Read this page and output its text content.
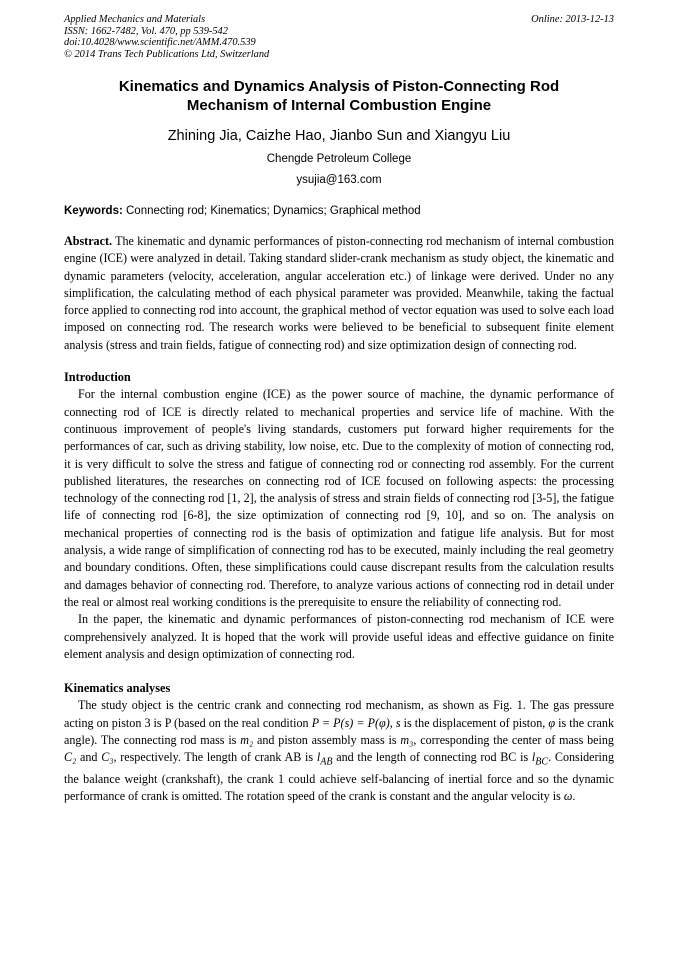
Applied Mechanics and Materials	Online: 2013-12-13
ISSN: 1662-7482, Vol. 470, pp 539-542
doi:10.4028/www.scientific.net/AMM.470.539
© 2014 Trans Tech Publications Ltd, Switzerland
Kinematics and Dynamics Analysis of Piston-Connecting Rod
Mechanism of Internal Combustion Engine
Zhining Jia, Caizhe Hao, Jianbo Sun and Xiangyu Liu
Chengde Petroleum College
ysujia@163.com
Keywords: Connecting rod; Kinematics; Dynamics; Graphical method
Abstract. The kinematic and dynamic performances of piston-connecting rod mechanism of internal combustion engine (ICE) were analyzed in detail. Taking standard slider-crank mechanism as study object, the kinematic and dynamic parameters (velocity, acceleration, angular acceleration etc.) of linkage were derived. Under no any simplification, the calculating method of each physical parameter was provided. Meanwhile, taking the factual force applied to connecting rod into account, the graphical method of vector equation was used to solve each load imposed on connecting rod. The research works were believed to be beneficial to subsequent finite element analysis (stress and train fields, fatigue of connecting rod) and size optimization design of connecting rod.
Introduction
For the internal combustion engine (ICE) as the power source of machine, the dynamic performance of connecting rod of ICE is directly related to mechanical properties and service life of machine. With the continuous improvement of people's living standards, customers put forward higher requirements for the performances of car, such as driving stability, low noise, etc. Due to the complexity of motion of connecting rod, it is very difficult to solve the stress and fatigue of connecting rod or connecting rod assembly. For the current published literatures, the researches on connecting rod of ICE focused on following aspects: the processing technology of the connecting rod [1, 2], the analysis of stress and strain fields of connecting rod [3-5], the fatigue life of connecting rod [6-8], the size optimization of connecting rod [9, 10], and so on. The analysis on mechanical properties of connecting rod is the basis of optimization and fatigue life analysis. But for most analysis, a wide range of simplification of connecting rod has to be executed, mainly including the real geometry and boundary conditions. Often, these simplifications could cause discrepant results from the calculation results and damages behavior of connecting rod. Therefore, to analyze various actions of connecting rod in detail under the real or almost real working conditions is the prerequisite to ensure the reliability of connecting rod.
In the paper, the kinematic and dynamic performances of piston-connecting rod mechanism of ICE were comprehensively analyzed. It is hoped that the work will provide useful ideas and effective guidance on finite element analysis and design optimization of connecting rod.
Kinematics analyses
The study object is the centric crank and connecting rod mechanism, as shown as Fig. 1. The gas pressure acting on piston 3 is P (based on the real condition P = P(s) = P(φ), s is the displacement of piston, φ is the crank angle). The connecting rod mass is m₂ and piston assembly mass is m₃, corresponding the center of mass being C₂ and C₃, respectively. The length of crank AB is $l_{AB}$ and the length of connecting rod BC is $l_{BC}$. Considering the balance weight (crankshaft), the crank 1 could achieve self-balancing of inertial force and so the dynamic performance of crank is omitted. The rotation speed of the crank is constant and the angular velocity is ω.
